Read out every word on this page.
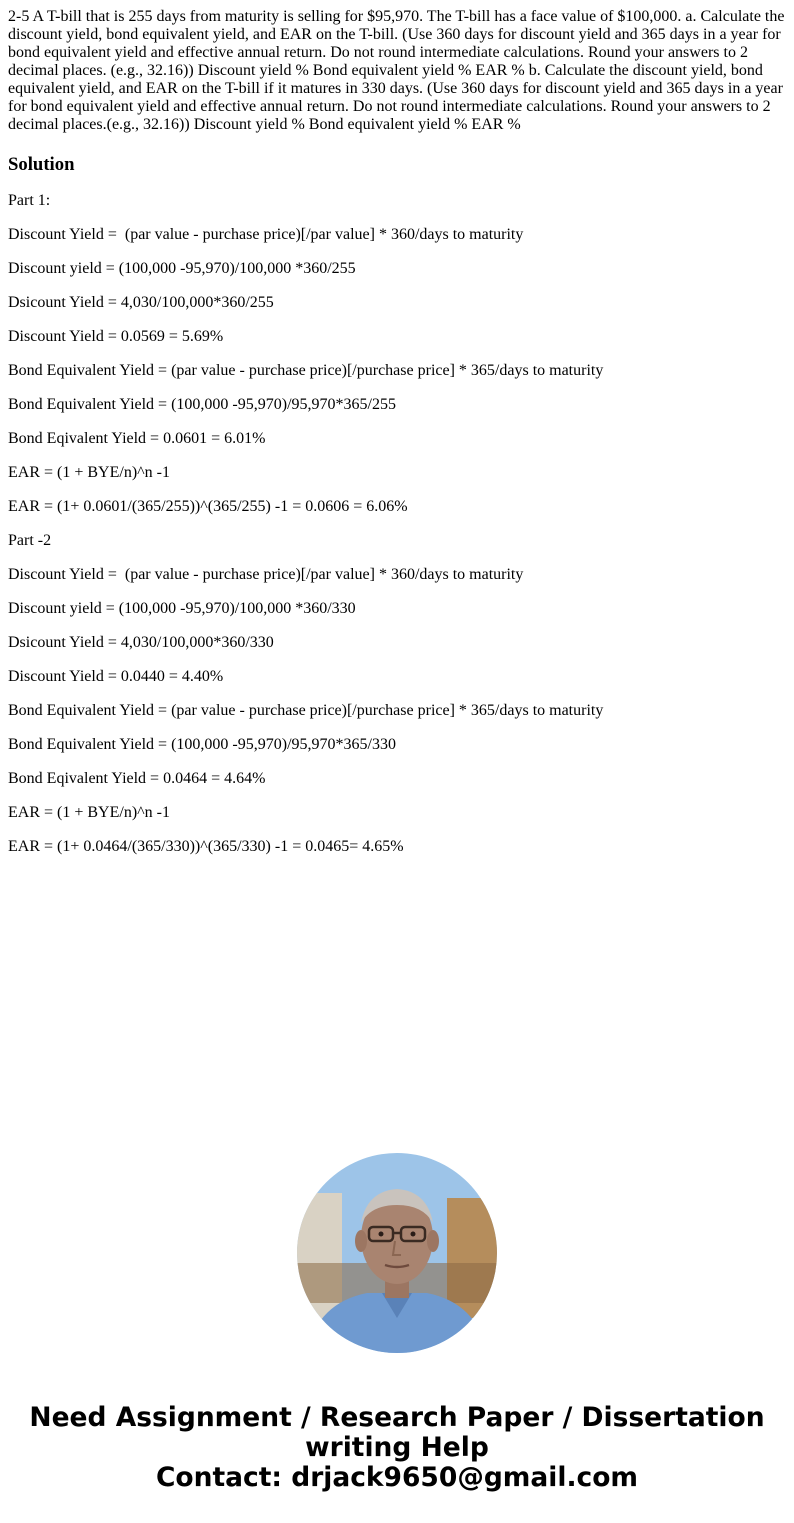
2-5 A T-bill that is 255 days from maturity is selling for $95,970. The T-bill has a face value of $100,000. a. Calculate the discount yield, bond equivalent yield, and EAR on the T-bill. (Use 360 days for discount yield and 365 days in a year for bond equivalent yield and effective annual return. Do not round intermediate calculations. Round your answers to 2 decimal places. (e.g., 32.16)) Discount yield % Bond equivalent yield % EAR % b. Calculate the discount yield, bond equivalent yield, and EAR on the T-bill if it matures in 330 days. (Use 360 days for discount yield and 365 days in a year for bond equivalent yield and effective annual return. Do not round intermediate calculations. Round your answers to 2 decimal places.(e.g., 32.16)) Discount yield % Bond equivalent yield % EAR %

Solution

Part 1:

Discount Yield =  (par value - purchase price)[/par value] * 360/days to maturity

Discount yield = (100,000 -95,970)/100,000 *360/255

Dsicount Yield = 4,030/100,000*360/255

Discount Yield = 0.0569 = 5.69%

Bond Equivalent Yield = (par value - purchase price)[/purchase price] * 365/days to maturity

Bond Equivalent Yield = (100,000 -95,970)/95,970*365/255

Bond Eqivalent Yield = 0.0601 = 6.01%

EAR = (1 + BYE/n)^n -1

EAR = (1+ 0.0601/(365/255))^(365/255) -1 = 0.0606 = 6.06%

Part -2

Discount Yield =  (par value - purchase price)[/par value] * 360/days to maturity

Discount yield = (100,000 -95,970)/100,000 *360/330

Dsicount Yield = 4,030/100,000*360/330

Discount Yield = 0.0440 = 4.40%

Bond Equivalent Yield = (par value - purchase price)[/purchase price] * 365/days to maturity

Bond Equivalent Yield = (100,000 -95,970)/95,970*365/330

Bond Eqivalent Yield = 0.0464 = 4.64%

EAR = (1 + BYE/n)^n -1

EAR = (1+ 0.0464/(365/330))^(365/330) -1 = 0.0465= 4.65%

Need Assignment / Research Paper / Dissertation
writing Help
Contact: drjack9650@gmail.com
